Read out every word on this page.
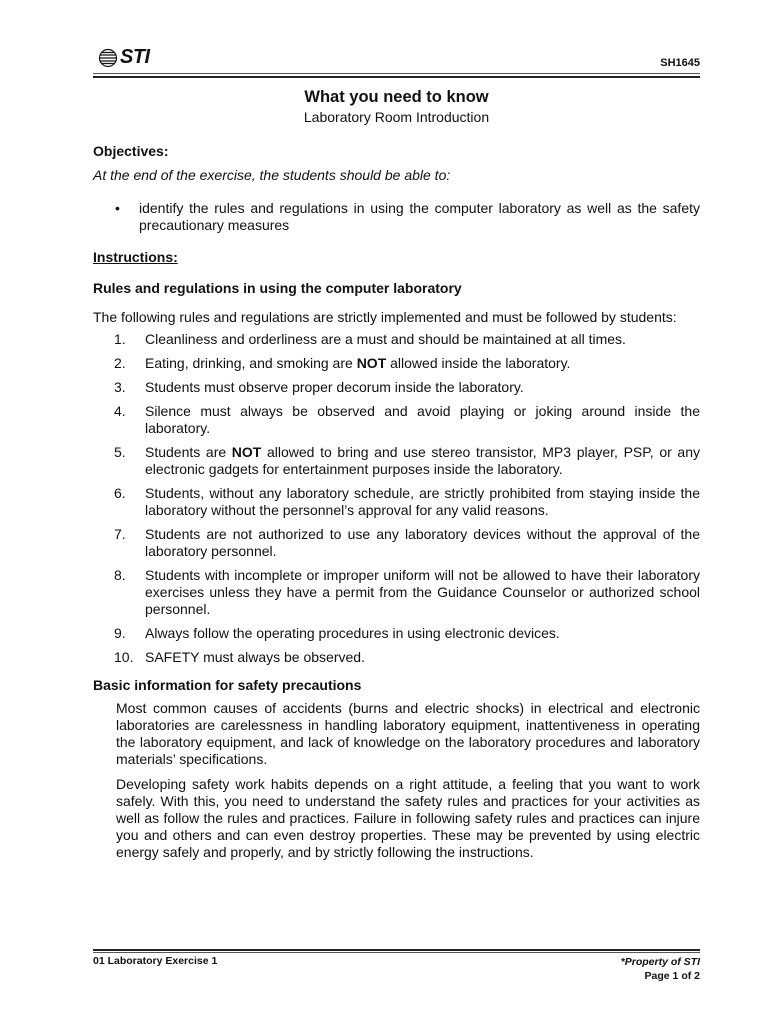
STI	SH1645

What you need to know

Laboratory Room Introduction

Objectives:

At the end of the exercise, the students should be able to:

• identify the rules and regulations in using the computer laboratory as well as the safety precautionary measures

Instructions:

Rules and regulations in using the computer laboratory

The following rules and regulations are strictly implemented and must be followed by students:

1.	Cleanliness and orderliness are a must and should be maintained at all times.
2.	Eating, drinking, and smoking are NOT allowed inside the laboratory.
3.	Students must observe proper decorum inside the laboratory.
4.	Silence must always be observed and avoid playing or joking around inside the laboratory.
5.	Students are NOT allowed to bring and use stereo transistor, MP3 player, PSP, or any electronic gadgets for entertainment purposes inside the laboratory.
6.	Students, without any laboratory schedule, are strictly prohibited from staying inside the laboratory without the personnel’s approval for any valid reasons.
7.	Students are not authorized to use any laboratory devices without the approval of the laboratory personnel.
8.	Students with incomplete or improper uniform will not be allowed to have their laboratory exercises unless they have a permit from the Guidance Counselor or authorized school personnel.
9.	Always follow the operating procedures in using electronic devices.
10. SAFETY must always be observed.

Basic information for safety precautions

Most common causes of accidents (burns and electric shocks) in electrical and electronic laboratories are carelessness in handling laboratory equipment, inattentiveness in operating the laboratory equipment, and lack of knowledge on the laboratory procedures and laboratory materials’ specifications.

Developing safety work habits depends on a right attitude, a feeling that you want to work safely. With this, you need to understand the safety rules and practices for your activities as well as follow the rules and practices. Failure in following safety rules and practices can injure you and others and can even destroy properties. These may be prevented by using electric energy safely and properly, and by strictly following the instructions.

01 Laboratory Exercise 1	*Property of STI
Page 1 of 2
